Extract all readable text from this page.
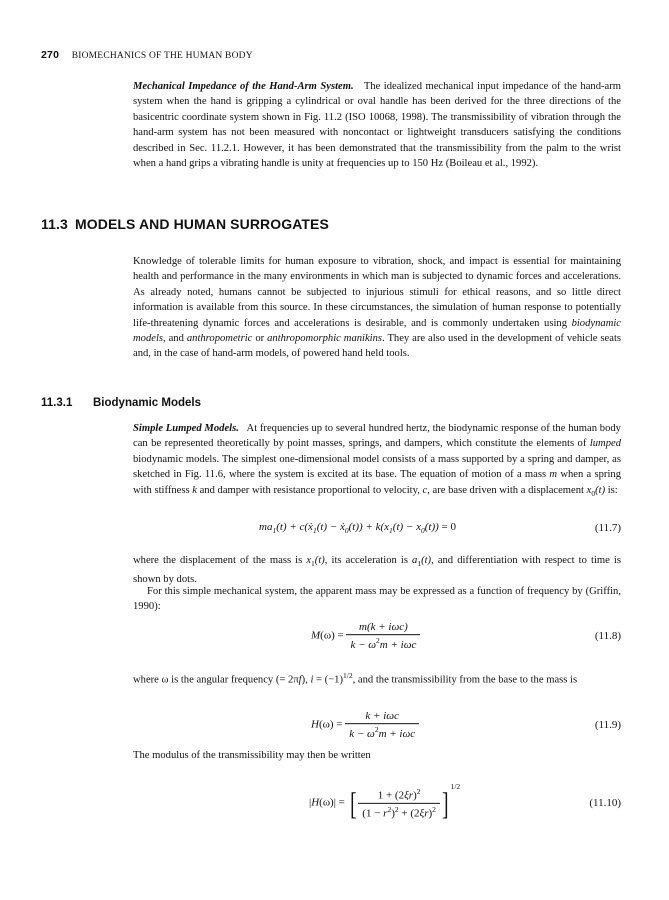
270 BIOMECHANICS OF THE HUMAN BODY

Mechanical Impedance of the Hand-Arm System. The idealized mechanical input impedance of the hand-arm system when the hand is gripping a cylindrical or oval handle has been derived for the three directions of the basicentric coordinate system shown in Fig. 11.2 (ISO 10068, 1998). The transmissibility of vibration through the hand-arm system has not been measured with noncontact or lightweight transducers satisfying the conditions described in Sec. 11.2.1. However, it has been demonstrated that the transmissibility from the palm to the wrist when a hand grips a vibrating handle is unity at frequencies up to 150 Hz (Boileau et al., 1992).

11.3 MODELS AND HUMAN SURROGATES

Knowledge of tolerable limits for human exposure to vibration, shock, and impact is essential for maintaining health and performance in the many environments in which man is subjected to dynamic forces and accelerations. As already noted, humans cannot be subjected to injurious stimuli for ethical reasons, and so little direct information is available from this source. In these circumstances, the simulation of human response to potentially life-threatening dynamic forces and accelerations is desirable, and is commonly undertaken using biodynamic models, and anthropometric or anthropomorphic manikins. They are also used in the development of vehicle seats and, in the case of hand-arm models, of powered hand held tools.

11.3.1 Biodynamic Models

Simple Lumped Models. At frequencies up to several hundred hertz, the biodynamic response of the human body can be represented theoretically by point masses, springs, and dampers, which constitute the elements of lumped biodynamic models. The simplest one-dimensional model consists of a mass supported by a spring and damper, as sketched in Fig. 11.6, where the system is excited at its base. The equation of motion of a mass m when a spring with stiffness k and damper with resistance proportional to velocity, c, are base driven with a displacement $x_0(t)$ is:

$ma_1(t)$ + c(ẋ$_1$(t) − ẋ$_0$(t)) + $k(x_1(t) - x_0(t)) = 0$	(11.7)

where the displacement of the mass is $x_1(t)$, its acceleration is $a_1(t)$, and differentiation with respect to time is shown by dots.

For this simple mechanical system, the apparent mass may be expressed as a function of frequency by (Griffin, 1990):

$M(\omega) = \frac{\text{m(k + iωc)}}{k - \omega^2m + i\omega c}$	(11.8)

where ω is the angular frequency (= 2πf), $i = (-1)^{1/2}$, and the transmissibility from the base to the mass is

$H(\omega) = \frac{\text{k + iωc}}{k - \omega^2m + i\omega c}$	(11.9)

The modulus of the transmissibility may then be written

|H(ω)| = [ $\frac{1 + (2\xi r)^2}{(1 - r^2)^2 + (2\xi r)^2}$ ] $^{1/2}$
(11.10)
